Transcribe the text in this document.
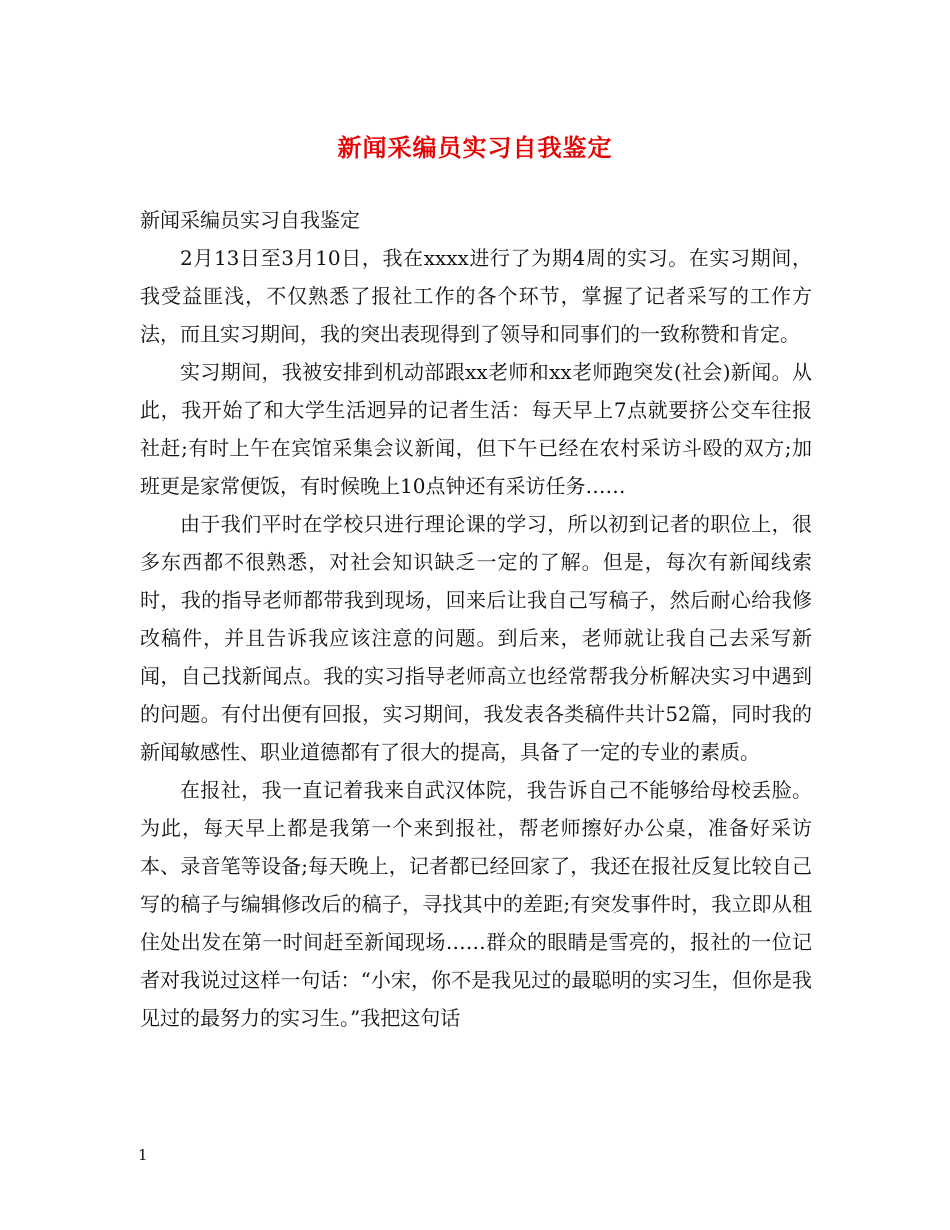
新闻采编员实习自我鉴定

新闻采编员实习自我鉴定

2月13日至3月10日，我在xxxx进行了为期4周的实习。在实习期间，我受益匪浅，不仅熟悉了报社工作的各个环节，掌握了记者采写的工作方法，而且实习期间，我的突出表现得到了领导和同事们的一致称赞和肯定。

实习期间，我被安排到机动部跟xx老师和xx老师跑突发(社会)新闻。从此，我开始了和大学生活迥异的记者生活：每天早上7点就要挤公交车往报社赶;有时上午在宾馆采集会议新闻，但下午已经在农村采访斗殴的双方;加班更是家常便饭，有时候晚上10点钟还有采访任务……

由于我们平时在学校只进行理论课的学习，所以初到记者的职位上，很多东西都不很熟悉，对社会知识缺乏一定的了解。但是，每次有新闻线索时，我的指导老师都带我到现场，回来后让我自己写稿子，然后耐心给我修改稿件，并且告诉我应该注意的问题。到后来，老师就让我自己去采写新闻，自己找新闻点。我的实习指导老师高立也经常帮我分析解决实习中遇到的问题。有付出便有回报，实习期间，我发表各类稿件共计52篇，同时我的新闻敏感性、职业道德都有了很大的提高，具备了一定的专业的素质。

在报社，我一直记着我来自武汉体院，我告诉自己不能够给母校丢脸。为此，每天早上都是我第一个来到报社，帮老师擦好办公桌，准备好采访本、录音笔等设备;每天晚上，记者都已经回家了，我还在报社反复比较自己写的稿子与编辑修改后的稿子，寻找其中的差距;有突发事件时，我立即从租住处出发在第一时间赶至新闻现场……群众的眼睛是雪亮的，报社的一位记者对我说过这样一句话：“小宋，你不是我见过的最聪明的实习生，但你是我见过的最努力的实习生。”我把这句话

1
